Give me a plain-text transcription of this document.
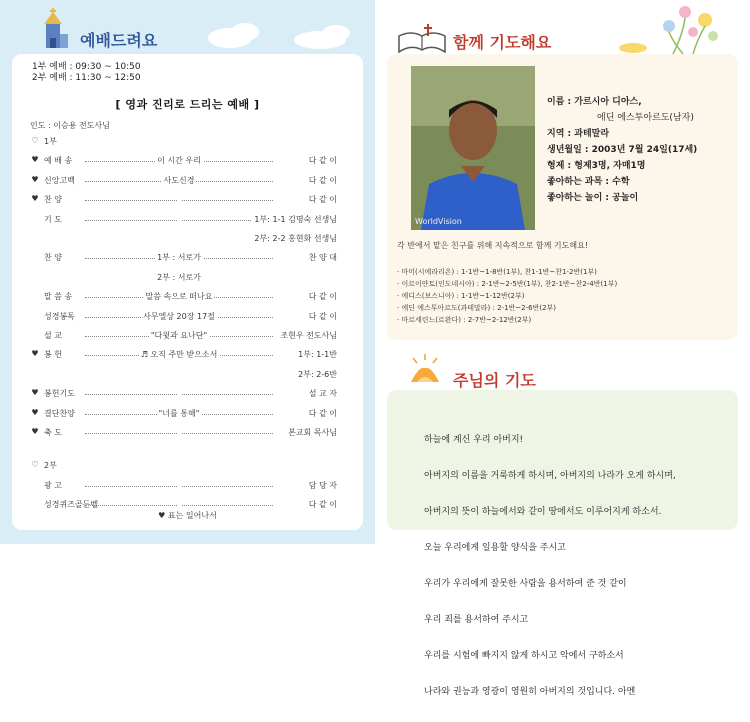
예배드려요
1부 예배 : 09:30 ~ 10:50
2부 예배 : 11:30 ~ 12:50
[ 영과 진리로 드리는 예배 ]
인도 : 이승용 전도사님
♡ 1부
♥ 예 배 송	이 시간 우리	다 같 이
♥ 신앙고백	사도신경	다 같 이
♥ 찬 양	다 같 이
기 도	1부: 1-1 김명숙 선생님
2부: 2-2 홍현화 선생님
찬 양	1부 : 서로가	찬 양 대
2부 : 서로가
말 씀 송	말씀 속으로 떠나요	다 같 이
성경봉독	사무엘상 20장 17절	다 같 이
설 교	"다윗과 요나단"	조현우 전도사님
♥ 봉 헌	♬ 오직 주만 받으소서	1부: 1-1반
2부: 2-6반
♥ 봉헌기도	설 교 자
♥ 결단찬양	"너를 통해"	다 같 이
♥ 축 도	본교회 목사님
♡ 2부
광 고	담 당 자
성경퀴즈골든벨	다 같 이
♥ 표는 일어나서
함께 기도해요
WorldVision
이름 : 가르시아 디아스,
에딘 에스투아르도(남자)
지역 : 과테말라
생년월일 : 2003년 7월 24일(17세)
형제 : 형제3명, 자매1명
좋아하는 과목 : 수학
좋아하는 놀이 : 공놀이
각 반에서 맡은 친구를 위해 지속적으로 함께 기도해요!
· 마미(시에라리온) : 1-1반~1-8반(1부), 찬1-1반~찬1-2반(1부)
· 이르이얀토(인도네시아) : 2-1반~2-5반(1부), 찬2-1반~찬2-4반(1부)
· 에디스(보스니아) : 1-1반~1-12반(2부)
· 에딘 에스투아르도(과테말라) : 2-1반~2-6반(2부)
· 마르세린느(르완다) : 2-7반~2-12반(2부)
주님의 기도

하늘에 계신 우리 아버지!

아버지의 이름을 거룩하게 하시며, 아버지의 나라가 오게 하시며,

아버지의 뜻이 하늘에서와 같이 땅에서도 이루어지게 하소서.

오늘 우리에게 일용할 양식을 주시고

우리가 우리에게 잘못한 사람을 용서하여 준 것 같이

우리 죄를 용서하여 주시고

우리를 시험에 빠지지 않게 하시고 악에서 구하소서

나라와 권능과 영광이 영원히 아버지의 것입니다. 아멘
